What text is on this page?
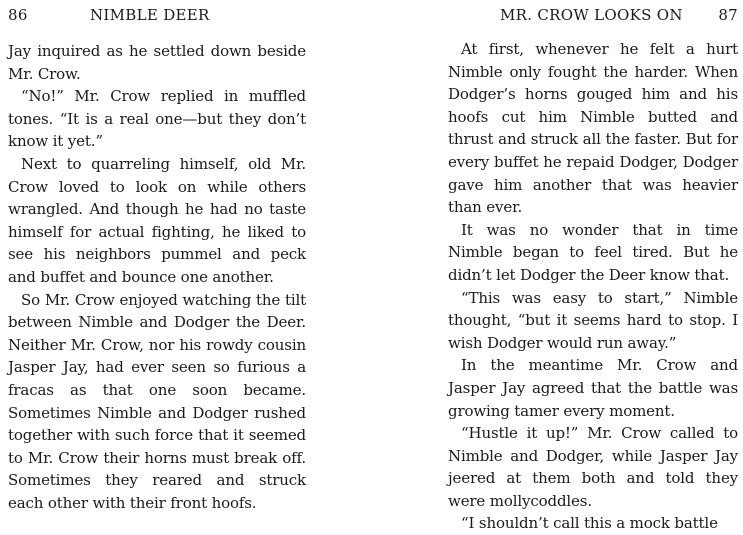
86	NIMBLE DEER

Jay inquired as he settled down beside Mr. Crow.

“No!” Mr. Crow replied in muffled tones. “It is a real one—but they don’t know it yet.”

Next to quarreling himself, old Mr. Crow loved to look on while others wrangled. And though he had no taste himself for actual fighting, he liked to see his neighbors pummel and peck and buffet and bounce one another.

So Mr. Crow enjoyed watching the tilt between Nimble and Dodger the Deer. Neither Mr. Crow, nor his rowdy cousin Jasper Jay, had ever seen so furious a fracas as that one soon became. Sometimes Nimble and Dodger rushed together with such force that it seemed to Mr. Crow their horns must break off. Sometimes they reared and struck each other with their front hoofs.

MR. CROW LOOKS ON 87

At first, whenever he felt a hurt Nimble only fought the harder. When Dodger’s horns gouged him and his hoofs cut him Nimble butted and thrust and struck all the faster. But for every buffet he repaid Dodger, Dodger gave him another that was heavier than ever.

It was no wonder that in time Nimble began to feel tired. But he didn’t let Dodger the Deer know that.

“This was easy to start,” Nimble thought, “but it seems hard to stop. I wish Dodger would run away.”

In the meantime Mr. Crow and Jasper Jay agreed that the battle was growing tamer every moment.

“Hustle it up!” Mr. Crow called to Nimble and Dodger, while Jasper Jay jeered at them both and told they were mollycoddles.

“I shouldn’t call this a mock battle
